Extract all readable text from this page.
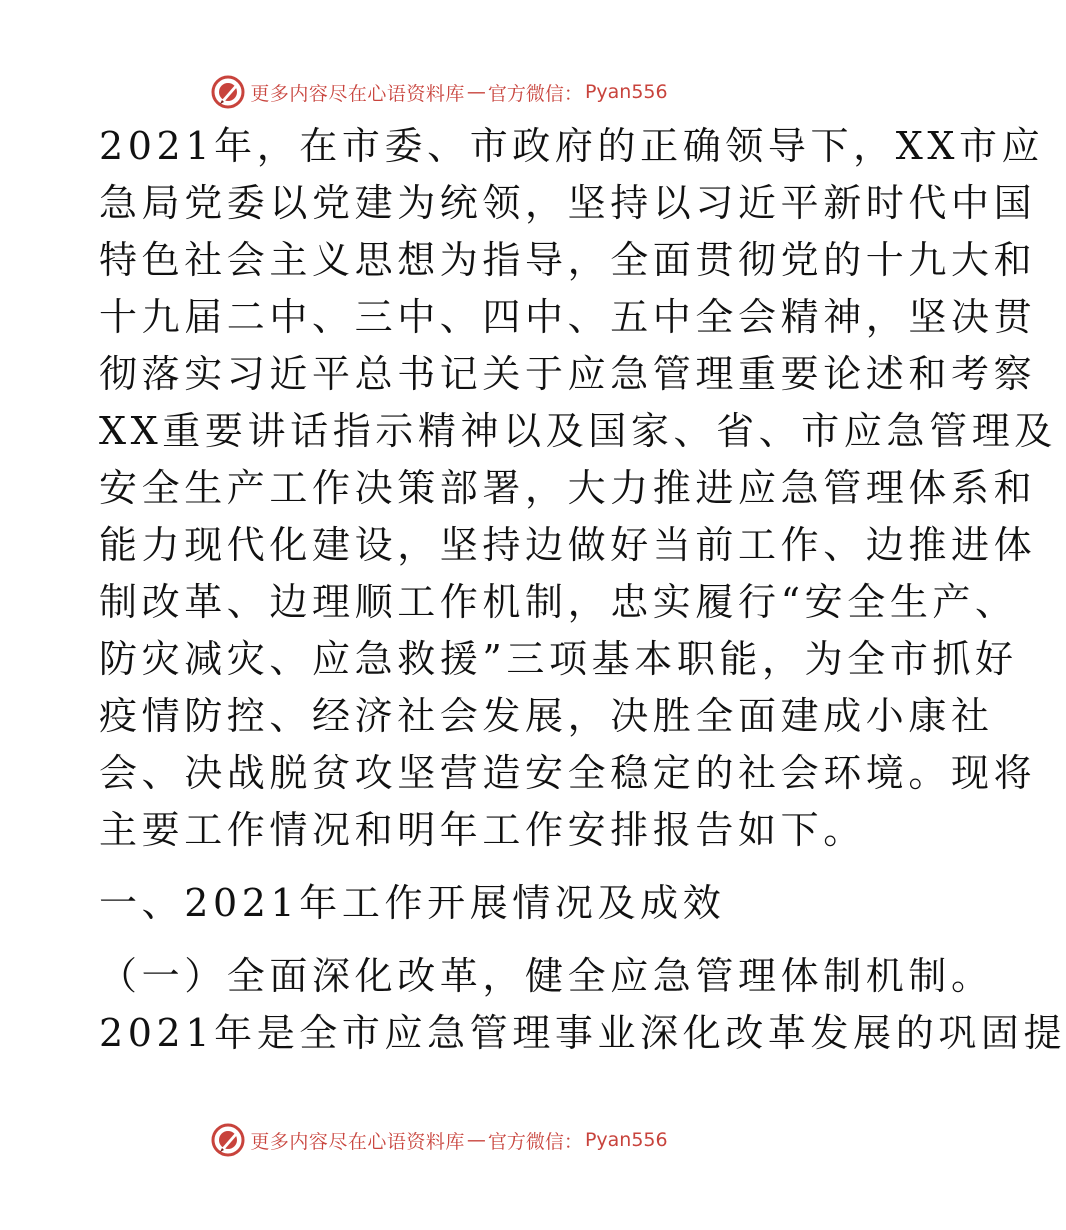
更多内容尽在心语资料库 — 官方微信： Pyan556
2021年，在市委、市政府的正确领导下，XX市应
急局党委以党建为统领，坚持以习近平新时代中国
特色社会主义思想为指导，全面贯彻党的十九大和
十九届二中、三中、四中、五中全会精神，坚决贯
彻落实习近平总书记关于应急管理重要论述和考察
XX重要讲话指示精神以及国家、省、市应急管理及
安全生产工作决策部署，大力推进应急管理体系和
能力现代化建设，坚持边做好当前工作、边推进体
制改革、边理顺工作机制，忠实履行“安全生产、
防灾减灾、应急救援”三项基本职能，为全市抓好
疫情防控、经济社会发展，决胜全面建成小康社
会、决战脱贫攻坚营造安全稳定的社会环境。现将
主要工作情况和明年工作安排报告如下。
一、2021年工作开展情况及成效
（一）全面深化改革，健全应急管理体制机制。
2021年是全市应急管理事业深化改革发展的巩固提
更多内容尽在心语资料库 — 官方微信： Pyan556
